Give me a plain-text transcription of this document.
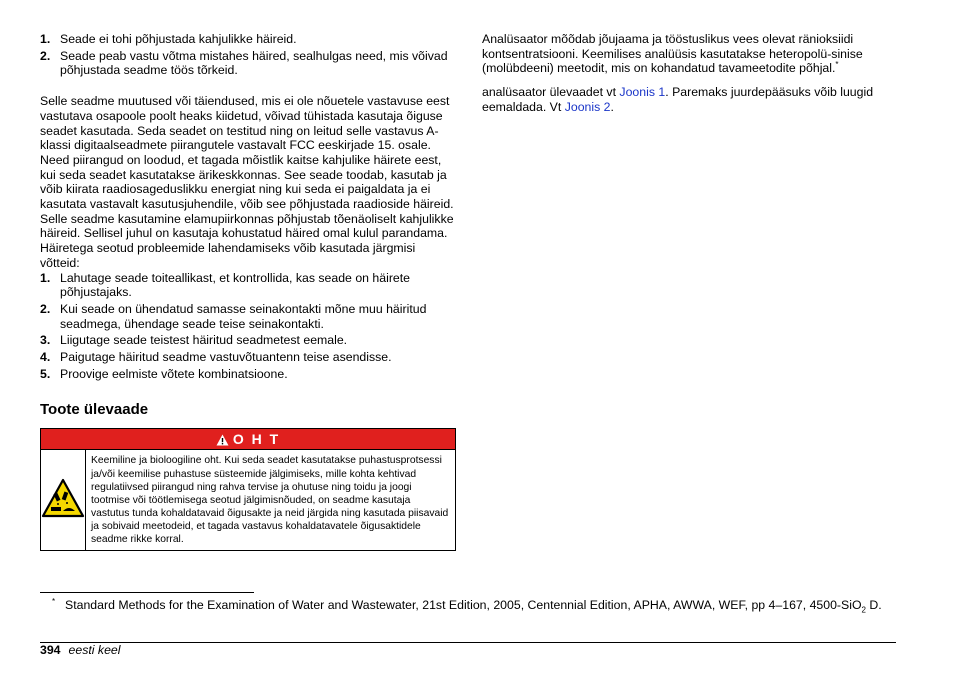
1. Seade ei tohi põhjustada kahjulikke häireid.
2. Seade peab vastu võtma mistahes häired, sealhulgas need, mis võivad põhjustada seadme töös tõrkeid.

Selle seadme muutused või täiendused, mis ei ole nõuetele vastavuse eest vastutava osapoole poolt heaks kiidetud, võivad tühistada kasutaja õiguse seadet kasutada. Seda seadet on testitud ning on leitud selle vastavus A-klassi digitaalseadmete piirangutele vastavalt FCC eeskirjade 15. osale. Need piirangud on loodud, et tagada mõistlik kaitse kahjulike häirete eest, kui seda seadet kasutatakse ärikeskkonnas. See seade toodab, kasutab ja võib kiirata raadiosageduslikku energiat ning kui seda ei paigaldata ja ei kasutata vastavalt kasutusjuhendile, võib see põhjustada raadioside häireid. Selle seadme kasutamine elamupiirkonnas põhjustab tõenäoliselt kahjulikke häireid. Sellisel juhul on kasutaja kohustatud häired omal kulul parandama. Häiretega seotud probleemide lahendamiseks võib kasutada järgmisi võtteid:

1. Lahutage seade toiteallikast, et kontrollida, kas seade on häirete põhjustajaks.
2. Kui seade on ühendatud samasse seinakontakti mõne muu häiritud seadmega, ühendage seade teise seinakontakti.
3. Liigutage seade teistest häiritud seadmetest eemale.
4. Paigutage häiritud seadme vastuvõtuantenn teise asendisse.
5. Proovige eelmiste võtete kombinatsioone.
Toote ülevaade
O H T
Keemiline ja bioloogiline oht. Kui seda seadet kasutatakse puhastusprotsessi ja/või keemilise puhastuse süsteemide jälgimiseks, mille kohta kehtivad regulatiivsed piirangud ning rahva tervise ja ohutuse ning toidu ja joogi tootmise või töötlemisega seotud jälgimisnõuded, on seadme kasutaja vastutus tunda kohaldatavaid õigusakte ja neid järgida ning kasutada piisavaid ja sobivaid meetodeid, et tagada vastavus kohaldatavatele õigusaktidele seadme rikke korral.

Analüsaator mõõdab jõujaama ja tööstuslikus vees olevat ränioksiidi kontsentratsiooni. Keemilises analüüsis kasutatakse heteropolü-sinise (molübdeeni) meetodit, mis on kohandatud tavameetodite põhjal.*

analüsaator ülevaadet vt Joonis 1. Paremaks juurdepääsuks võib luugid eemaldada. Vt Joonis 2.

* Standard Methods for the Examination of Water and Wastewater, 21st Edition, 2005, Centennial Edition, APHA, AWWA, WEF, pp 4–167, 4500-SiO$_2$ D.
394 eesti keel
